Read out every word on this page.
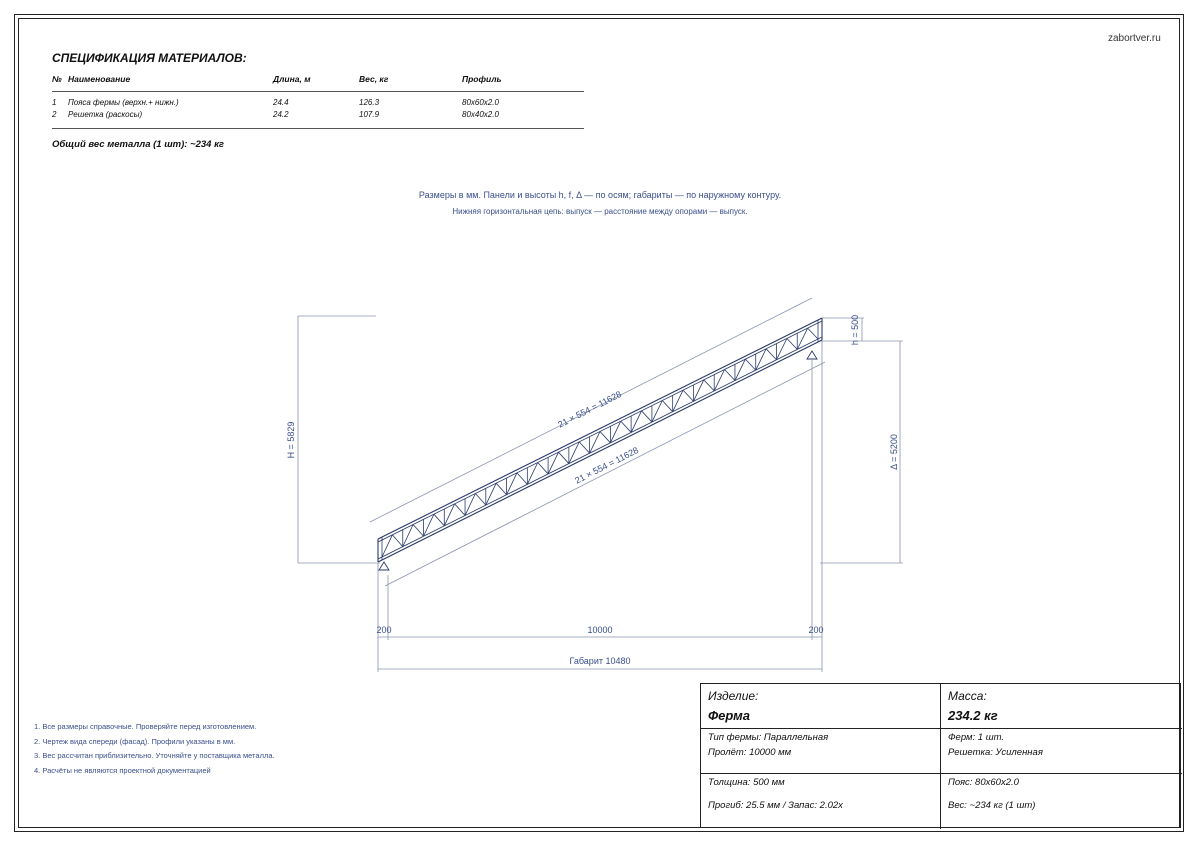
zabortver.ru
СПЕЦИФИКАЦИЯ МАТЕРИАЛОВ:
№ Наименование	Длина, м	Вес, кг	Профиль
1 Пояса фермы (верхн.+ нижн.)	24.4	126.3	80x60x2.0
2 Решетка (раскосы)	24.2	107.9	80x40x2.0
Общий вес металла (1 шт): ~234 кг
Размеры в мм. Панели и высоты h, f, Δ — по осям; габариты — по наружному контуру.
Нижняя горизонтальная цепь: выпуск — расстояние между опорами — выпуск.
21 × 554 = 11628
21 × 554 = 11628
H = 5829	Δ = 5200
h = 500
200	10000	200
Габарит 10480
1. Все размеры справочные. Проверяйте перед изготовлением.
2. Чертеж вида спереди (фасад). Профили указаны в мм.
3. Вес рассчитан приблизительно. Уточняйте у поставщика металла.
4. Расчёты не являются проектной документацией
Изделие:
Ферма
Масса:
234.2 кг
Тип фермы: Параллельная
Пролёт: 10000 мм
Ферм: 1 шт.
Решетка: Усиленная
Толщина: 500 мм
Прогиб: 25.5 мм / Запас: 2.02x
Пояс: 80x60x2.0
Вес: ~234 кг (1 шт)
